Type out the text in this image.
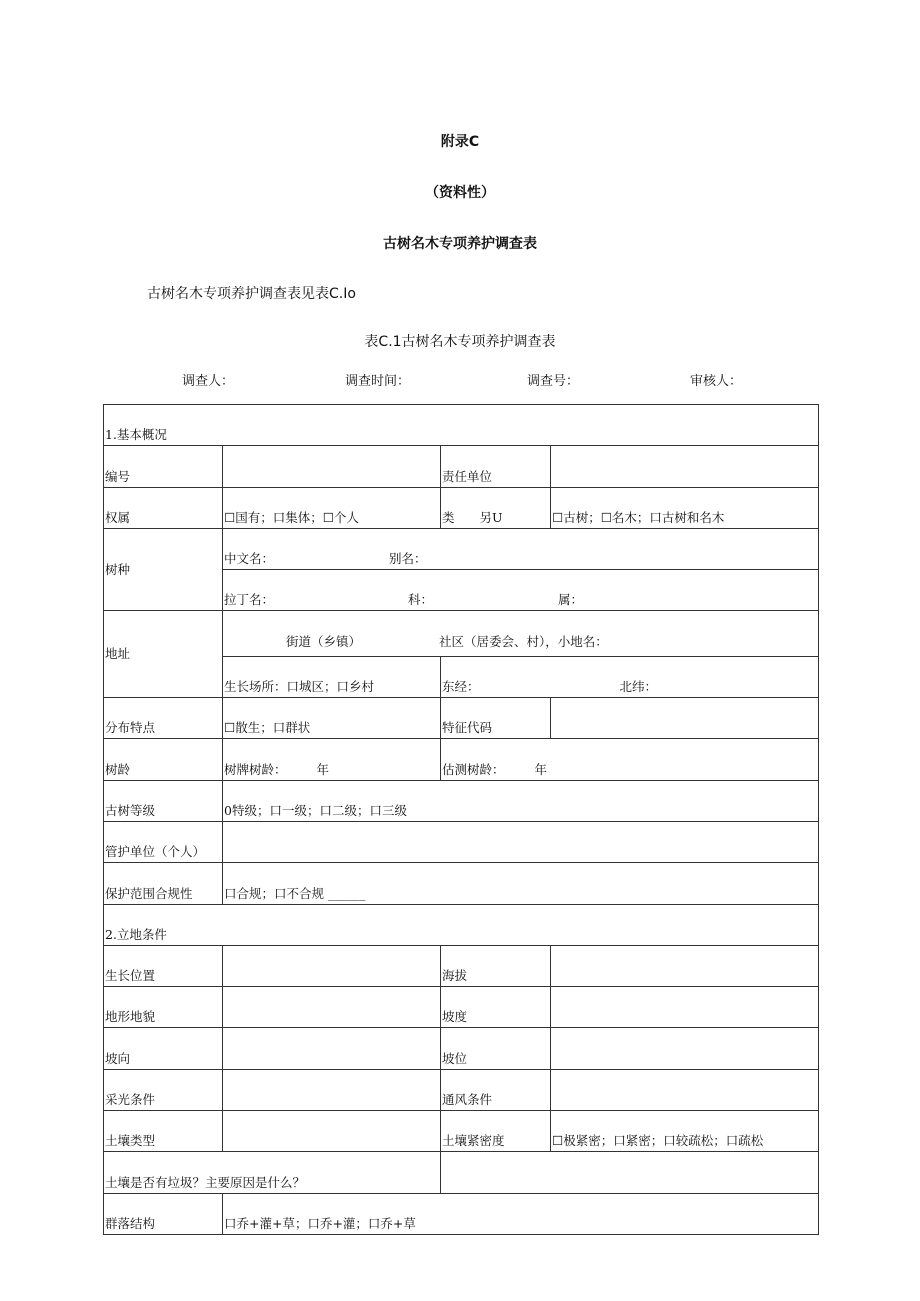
附录C
（资料性）
古树名木专项养护调查表
古树名木专项养护调查表见表C.Io
表C.1古树名木专项养护调查表
调查人：	调查时间：	调查号：	审核人：
1.基本概况			
编号		责任单位	
权属	☐国有；口集体；☐个人	类　　另U	☐古树；☐名木；口古树和名木
树种	中文名： 别名：		
	拉丁名： 科： 属：		
地址	街道（乡镇） 社区（居委会、村），小地名：		
	生长场所：口城区；口乡村	东经： 北纬：	
分布特点	☐散生；口群状	特征代码	
树龄	树牌树龄： 年	估测树龄： 年	
古树等级	0特级；口一级；口二级；口三级		
管护单位（个人）			
保护范围合规性	口合规；口不合规 ______		
2.立地条件			
生长位置		海拔	
地形地貌		坡度	
坡向		坡位	
采光条件		通风条件	
土壤类型		土壤紧密度	☐极紧密；口紧密；口较疏松；口疏松
土壤是否有垃圾？主要原因是什么？			
群落结构	口乔+灌+草；口乔+灌；口乔+草		
